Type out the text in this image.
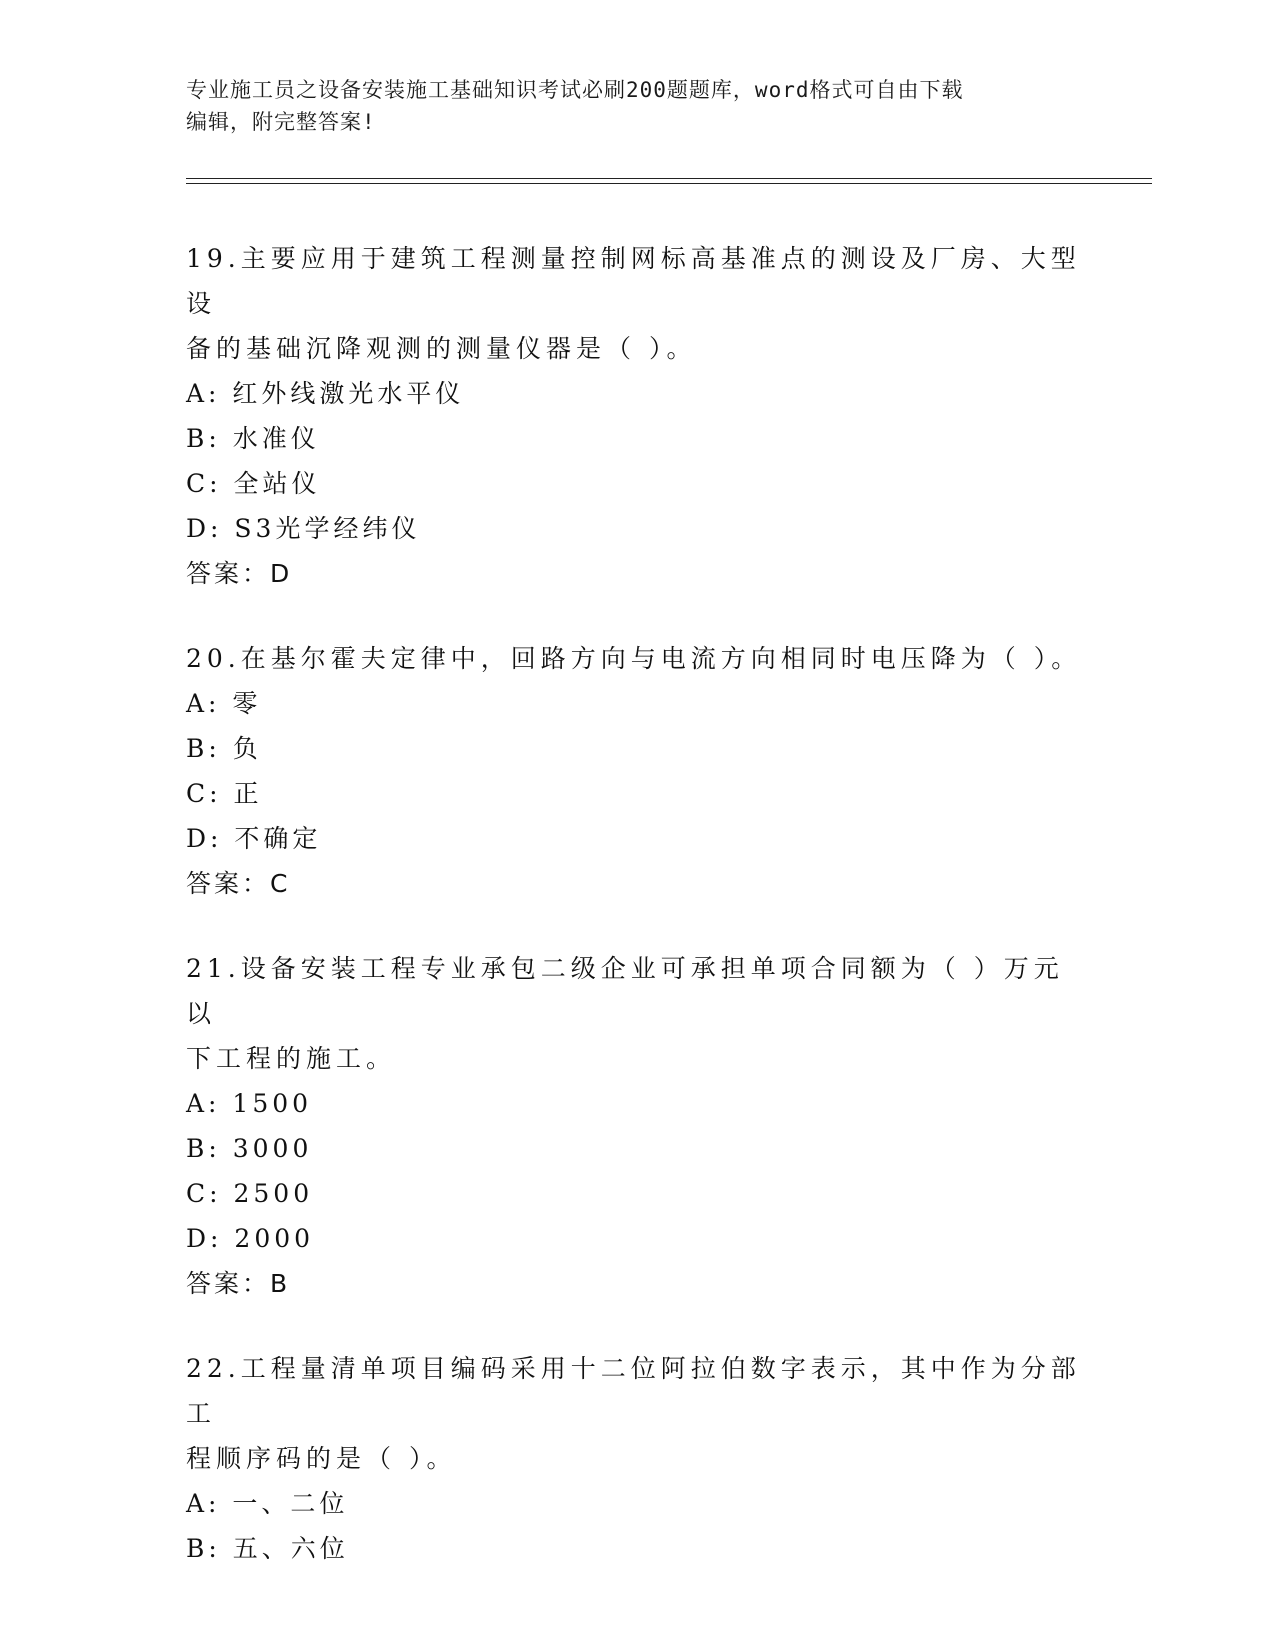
专业施工员之设备安装施工基础知识考试必刷200题题库，word格式可自由下载
编辑，附完整答案!

19.主要应用于建筑工程测量控制网标高基准点的测设及厂房、大型设

备的基础沉降观测的测量仪器是（ ）。

A: 红外线激光水平仪

B: 水准仪

C: 全站仪

D: S3光学经纬仪

答案：D

20.在基尔霍夫定律中，回路方向与电流方向相同时电压降为（ ）。

A: 零

B: 负

C: 正

D: 不确定

答案：C

21.设备安装工程专业承包二级企业可承担单项合同额为（ ）万元以

下工程的施工。

A: 1500

B: 3000

C: 2500

D: 2000

答案：B

22.工程量清单项目编码采用十二位阿拉伯数字表示，其中作为分部工

程顺序码的是（ ）。

A: 一、二位

B: 五、六位
